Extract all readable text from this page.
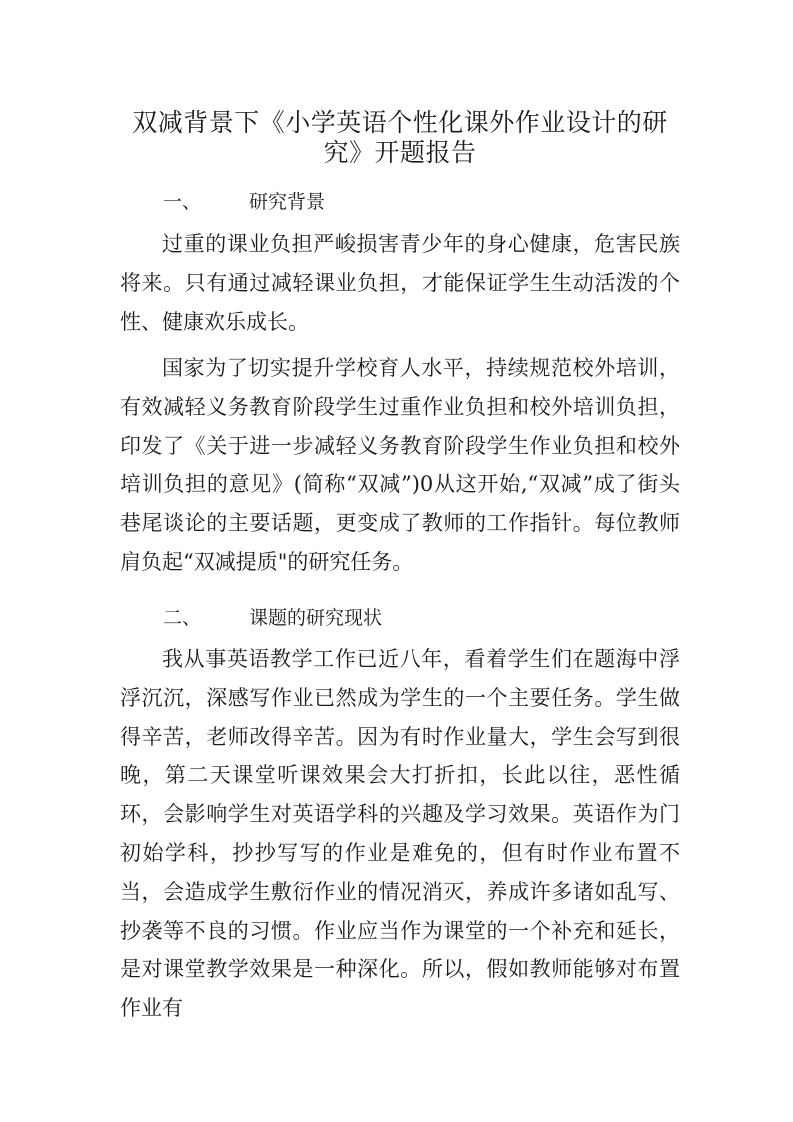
双减背景下《小学英语个性化课外作业设计的研究》开题报告
一、	研究背景

过重的课业负担严峻损害青少年的身心健康，危害民族将来。只有通过减轻课业负担，才能保证学生生动活泼的个性、健康欢乐成长。

国家为了切实提升学校育人水平，持续规范校外培训，有效减轻义务教育阶段学生过重作业负担和校外培训负担，印发了《关于进一步减轻义务教育阶段学生作业负担和校外培训负担的意见》(简称“双减”)0从这开始,“双减”成了街头巷尾谈论的主要话题，更变成了教师的工作指针。每位教师肩负起“双减提质"的研究任务。

二、	课题的研究现状

我从事英语教学工作已近八年，看着学生们在题海中浮浮沉沉，深感写作业已然成为学生的一个主要任务。学生做得辛苦，老师改得辛苦。因为有时作业量大，学生会写到很晚，第二天课堂听课效果会大打折扣，长此以往，恶性循环，会影响学生对英语学科的兴趣及学习效果。英语作为门初始学科，抄抄写写的作业是难免的，但有时作业布置不当，会造成学生敷衍作业的情况消灭，养成许多诸如乱写、抄袭等不良的习惯。作业应当作为课堂的一个补充和延长，是对课堂教学效果是一种深化。所以，假如教师能够对布置作业有
